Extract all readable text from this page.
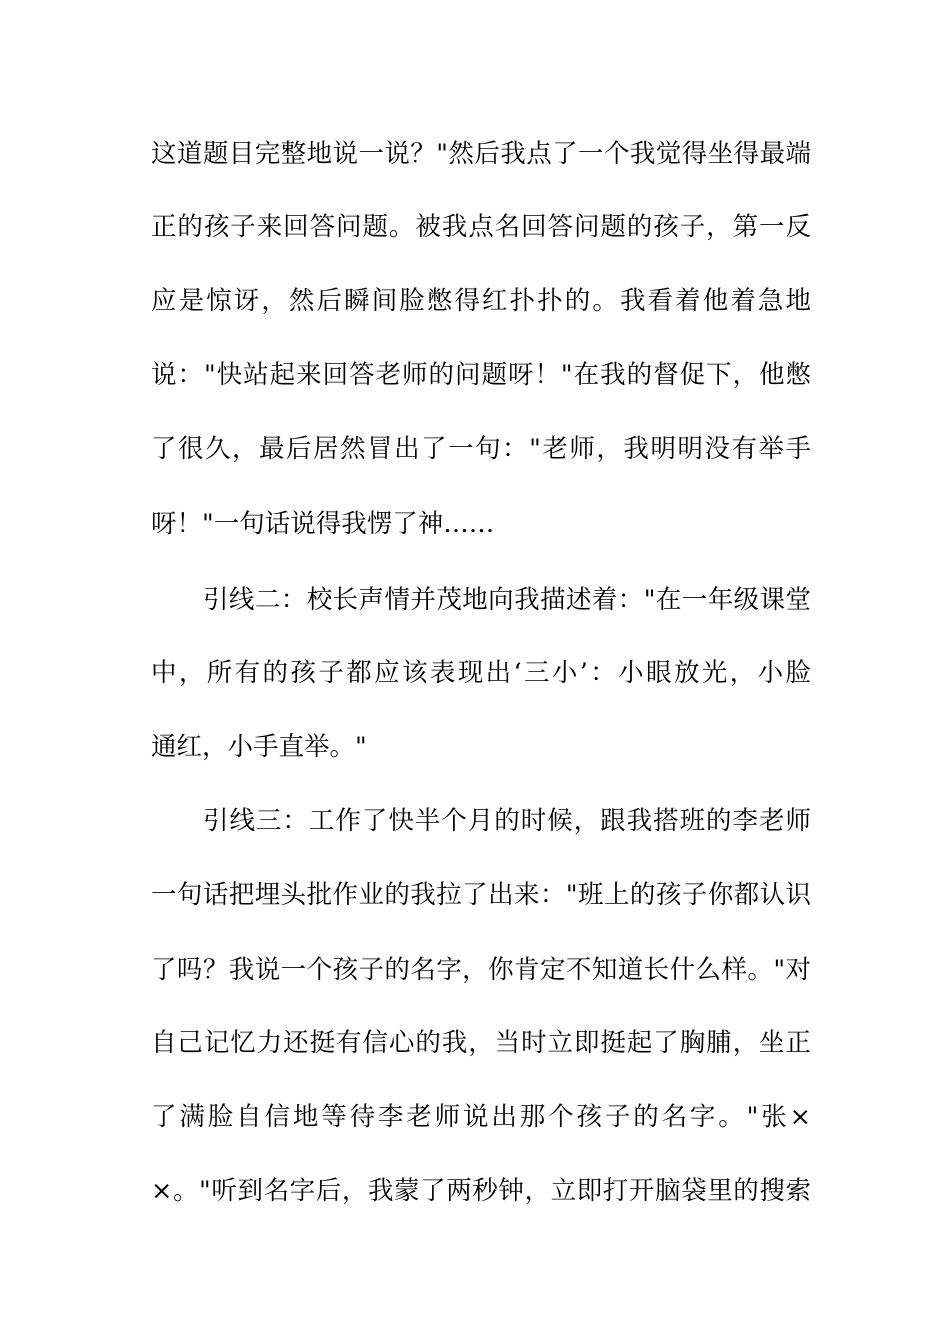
这道题目完整地说一说？"然后我点了一个我觉得坐得最端
正的孩子来回答问题。被我点名回答问题的孩子，第一反
应是惊讶，然后瞬间脸憋得红扑扑的。我看着他着急地
说："快站起来回答老师的问题呀！"在我的督促下，他憋
了很久，最后居然冒出了一句："老师，我明明没有举手
呀！"一句话说得我愣了神……
引线二：校长声情并茂地向我描述着："在一年级课堂
中，所有的孩子都应该表现出‘三小’：小眼放光，小脸
通红，小手直举。"
引线三：工作了快半个月的时候，跟我搭班的李老师
一句话把埋头批作业的我拉了出来："班上的孩子你都认识
了吗？我说一个孩子的名字，你肯定不知道长什么样。"对
自己记忆力还挺有信心的我，当时立即挺起了胸脯，坐正
了满脸自信地等待李老师说出那个孩子的名字。"张×
×。"听到名字后，我蒙了两秒钟，立即打开脑袋里的搜索
